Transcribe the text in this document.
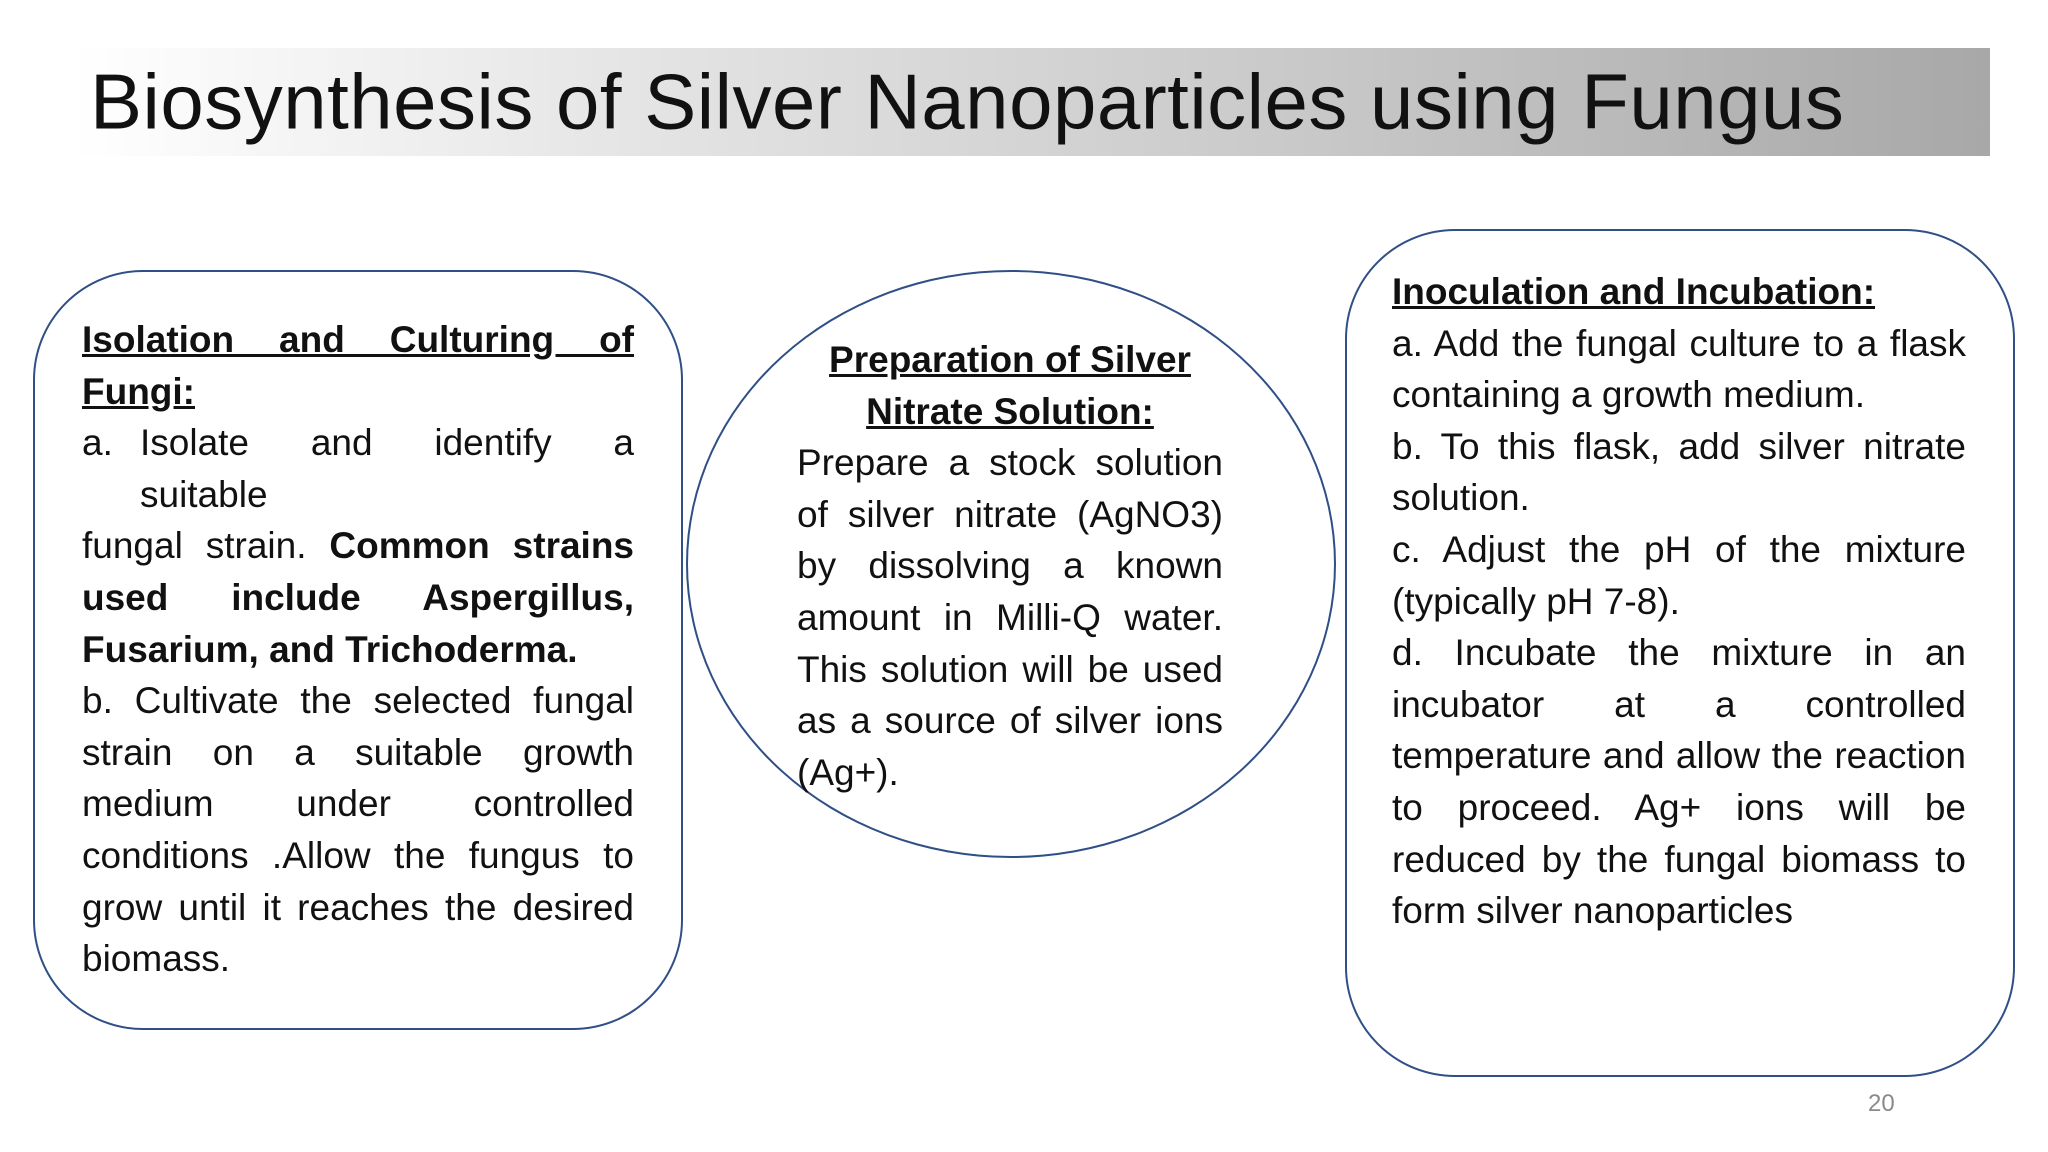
Biosynthesis of Silver Nanoparticles using Fungus
Isolation and Culturing of Fungi:
a. Isolate and identify a
suitable
fungal strain. Common strains used include Aspergillus, Fusarium, and Trichoderma.
b. Cultivate the selected fungal strain on a suitable growth medium under controlled conditions .Allow the fungus to grow until it reaches the desired biomass.
Preparation of Silver Nitrate Solution:
Prepare a stock solution of silver nitrate (AgNO3) by dissolving a known amount in Milli-Q water. This solution will be used as a source of silver ions (Ag+).
Inoculation and Incubation:
a. Add the fungal culture to a flask containing a growth medium.
b. To this flask, add silver nitrate solution.
c. Adjust the pH of the mixture (typically pH 7-8).
d. Incubate the mixture in an incubator at a controlled temperature and allow the reaction to proceed. Ag+ ions will be reduced by the fungal biomass to form silver nanoparticles
20
